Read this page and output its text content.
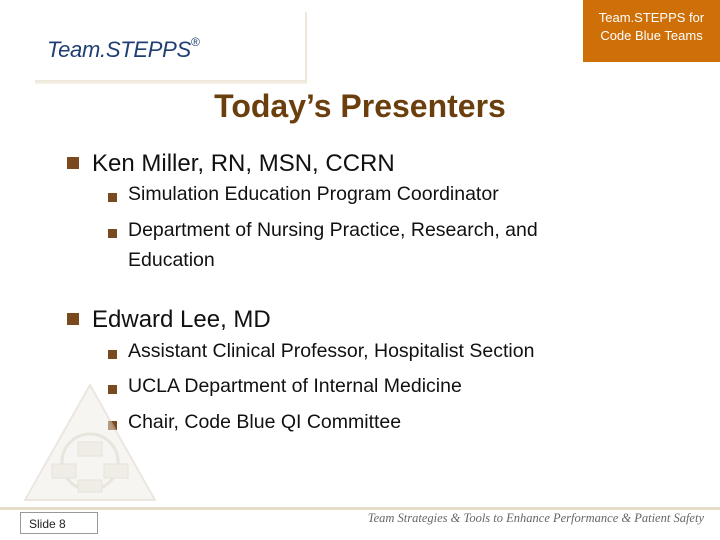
Team.STEPPS®
Team.STEPPS for
Code Blue Teams
Today’s Presenters
Ken Miller, RN, MSN, CCRN
Simulation Education Program Coordinator
Department of Nursing Practice, Research, and
Education
Edward Lee, MD
Assistant Clinical Professor, Hospitalist Section
UCLA Department of Internal Medicine
Chair, Code Blue QI Committee
Slide 8	Team Strategies & Tools to Enhance Performance & Patient Safety
